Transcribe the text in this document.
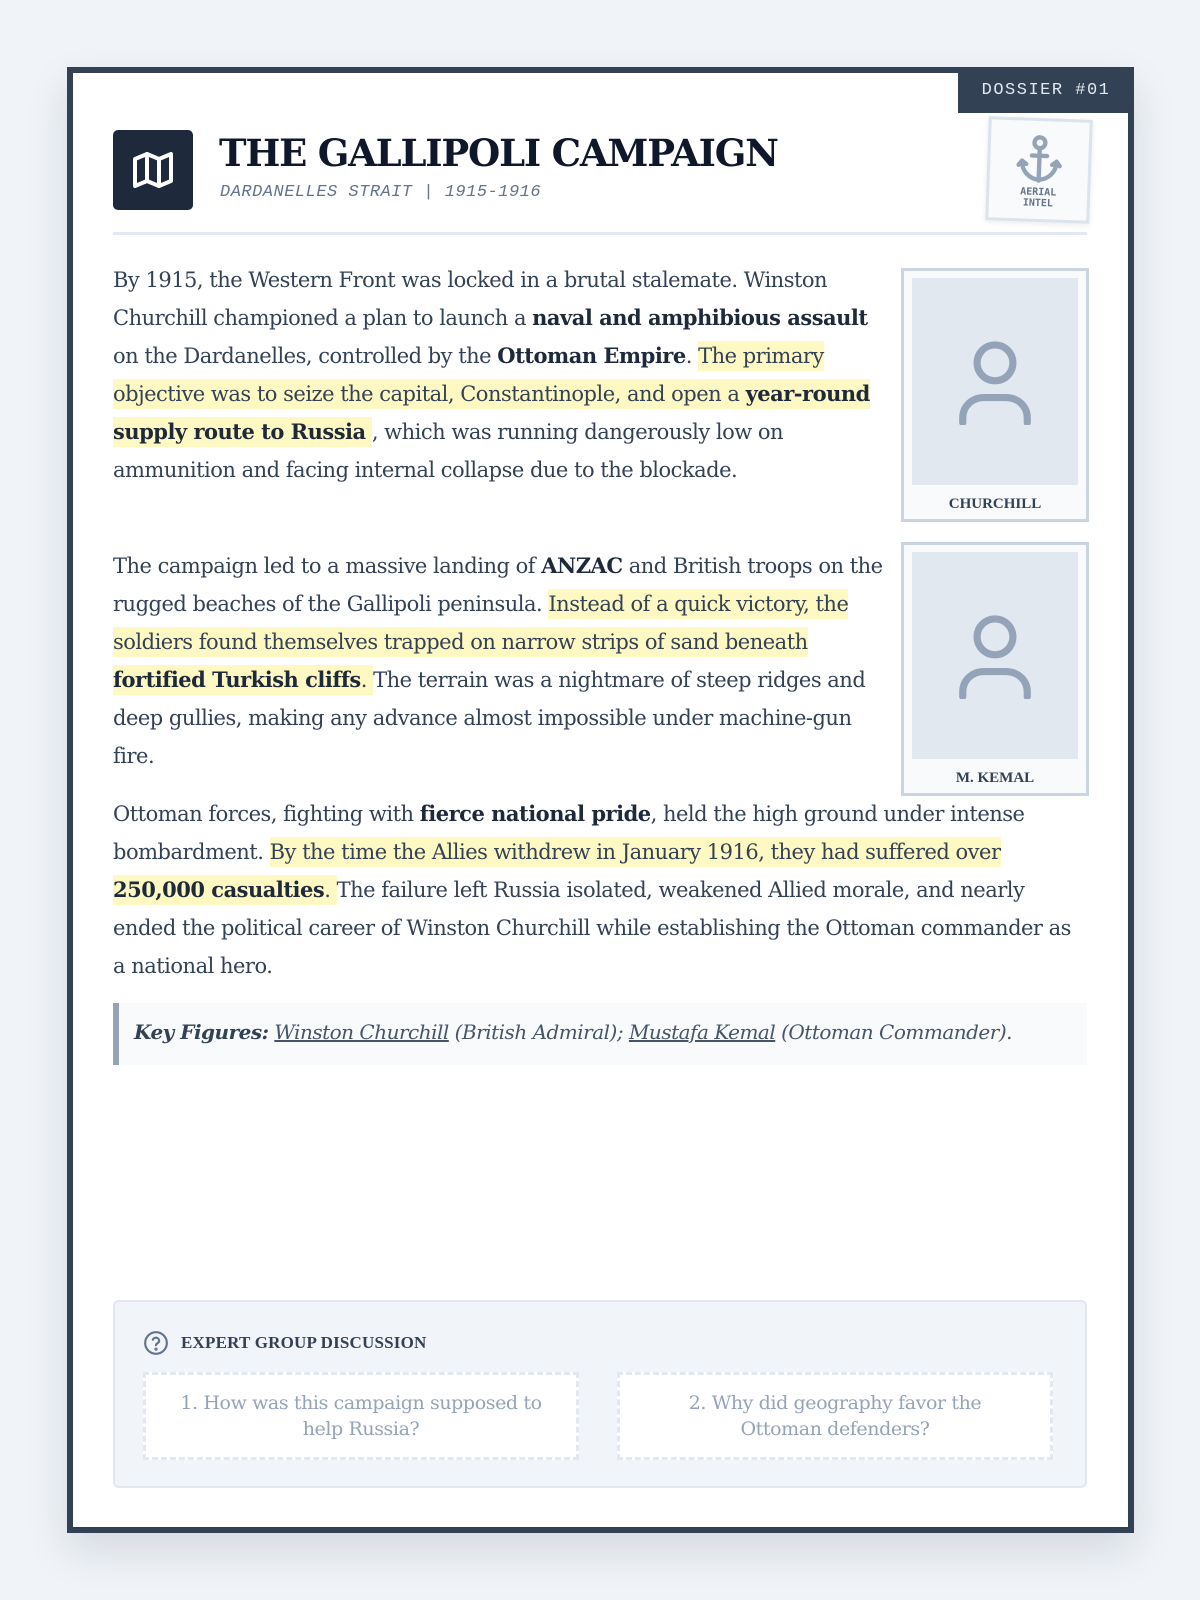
DOSSIER #01
AERIAL INTEL
THE GALLIPOLI CAMPAIGN
DARDANELLES STRAIT | 1915-1916
CHURCHILL
M. KEMAL

By 1915, the Western Front was locked in a brutal stalemate. Winston Churchill championed a plan to launch a naval and amphibious assault on the Dardanelles, controlled by the Ottoman Empire. The primary objective was to seize the capital, Constantinople, and open a year-round supply route to Russia , which was running dangerously low on ammunition and facing internal collapse due to the blockade.

The campaign led to a massive landing of ANZAC and British troops on the rugged beaches of the Gallipoli peninsula. Instead of a quick victory, the soldiers found themselves trapped on narrow strips of sand beneath fortified Turkish cliffs. The terrain was a nightmare of steep ridges and deep gullies, making any advance almost impossible under machine-gun fire.

Ottoman forces, fighting with fierce national pride, held the high ground under intense bombardment. By the time the Allies withdrew in January 1916, they had suffered over 250,000 casualties. The failure left Russia isolated, weakened Allied morale, and nearly ended the political career of Winston Churchill while establishing the Ottoman commander as a national hero.

Key Figures: Winston Churchill (British Admiral); Mustafa Kemal (Ottoman Commander).
EXPERT GROUP DISCUSSION
1. How was this campaign supposed to help Russia?
2. Why did geography favor the Ottoman defenders?
